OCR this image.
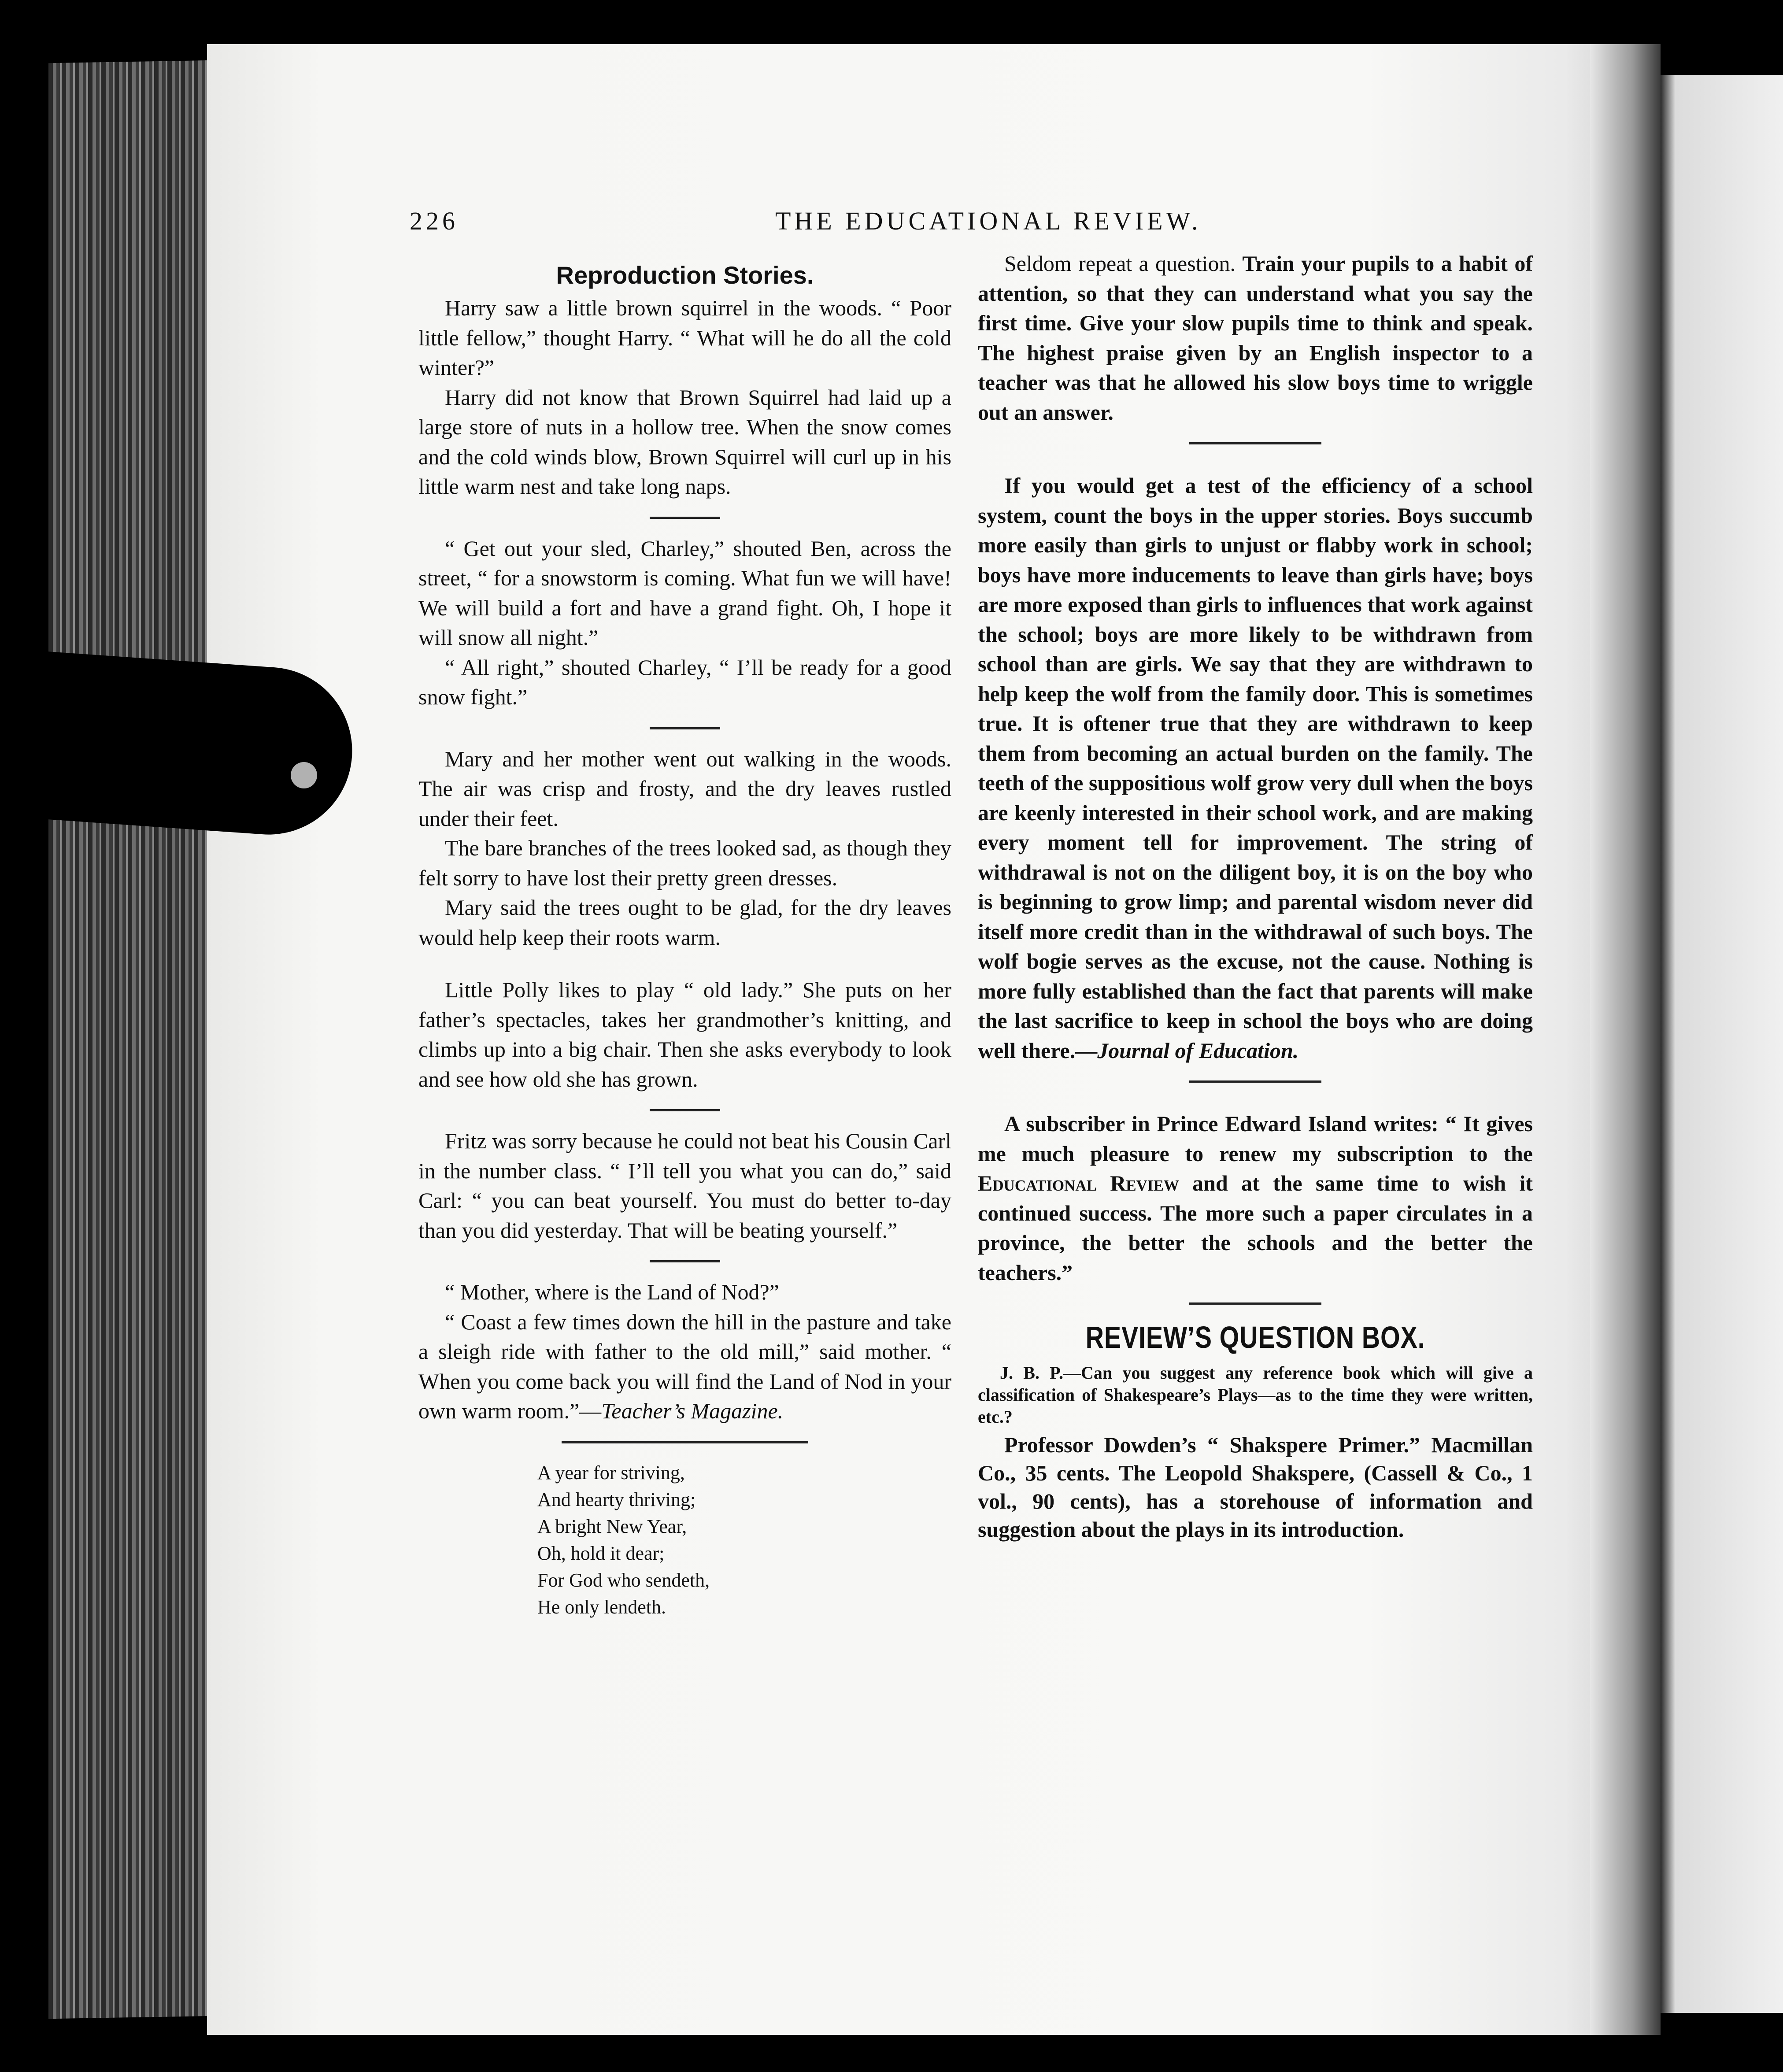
226	THE EDUCATIONAL REVIEW.
Reproduction Stories.

Harry saw a little brown squirrel in the woods. “ Poor little fellow,” thought Harry. “ What will he do all the cold winter?”

Harry did not know that Brown Squirrel had laid up a large store of nuts in a hollow tree. When the snow comes and the cold winds blow, Brown Squirrel will curl up in his little warm nest and take long naps.

“ Get out your sled, Charley,” shouted Ben, across the street, “ for a snowstorm is coming. What fun we will have! We will build a fort and have a grand fight. Oh, I hope it will snow all night.”

“ All right,” shouted Charley, “ I’ll be ready for a good snow fight.”

Mary and her mother went out walking in the woods. The air was crisp and frosty, and the dry leaves rustled under their feet.

The bare branches of the trees looked sad, as though they felt sorry to have lost their pretty green dresses.

Mary said the trees ought to be glad, for the dry leaves would help keep their roots warm.

Little Polly likes to play “ old lady.” She puts on her father’s spectacles, takes her grandmother’s knitting, and climbs up into a big chair. Then she asks everybody to look and see how old she has grown.

Fritz was sorry because he could not beat his Cousin Carl in the number class. “ I’ll tell you what you can do,” said Carl: “ you can beat yourself. You must do better to-day than you did yesterday. That will be beating yourself.”

“ Mother, where is the Land of Nod?”

“ Coast a few times down the hill in the pasture and take a sleigh ride with father to the old mill,” said mother. “ When you come back you will find the Land of Nod in your own warm room.”—Teacher’s Magazine.

A year for striving,
And hearty thriving;
A bright New Year,
Oh, hold it dear;
For God who sendeth,
He only lendeth.

Seldom repeat a question. Train your pupils to a habit of attention, so that they can understand what you say the first time. Give your slow pupils time to think and speak. The highest praise given by an English inspector to a teacher was that he allowed his slow boys time to wriggle out an answer.

If you would get a test of the efficiency of a school system, count the boys in the upper stories. Boys succumb more easily than girls to unjust or flabby work in school; boys have more inducements to leave than girls have; boys are more exposed than girls to influences that work against the school; boys are more likely to be withdrawn from school than are girls. We say that they are withdrawn to help keep the wolf from the family door. This is sometimes true. It is oftener true that they are withdrawn to keep them from becoming an actual burden on the family. The teeth of the suppositious wolf grow very dull when the boys are keenly interested in their school work, and are making every moment tell for improvement. The string of withdrawal is not on the diligent boy, it is on the boy who is beginning to grow limp; and parental wisdom never did itself more credit than in the withdrawal of such boys. The wolf bogie serves as the excuse, not the cause. Nothing is more fully established than the fact that parents will make the last sacrifice to keep in school the boys who are doing well there.—Journal of Education.

A subscriber in Prince Edward Island writes: “ It gives me much pleasure to renew my subscription to the Educational Review and at the same time to wish it continued success. The more such a paper circulates in a province, the better the schools and the better the teachers.”

REVIEW’S QUESTION BOX.

J. B. P.—Can you suggest any reference book which will give a classification of Shakespeare’s Plays—as to the time they were written, etc.?

Professor Dowden’s “ Shakspere Primer.” Macmillan Co., 35 cents. The Leopold Shakspere, (Cassell & Co., 1 vol., 90 cents), has a storehouse of information and suggestion about the plays in its introduction.
